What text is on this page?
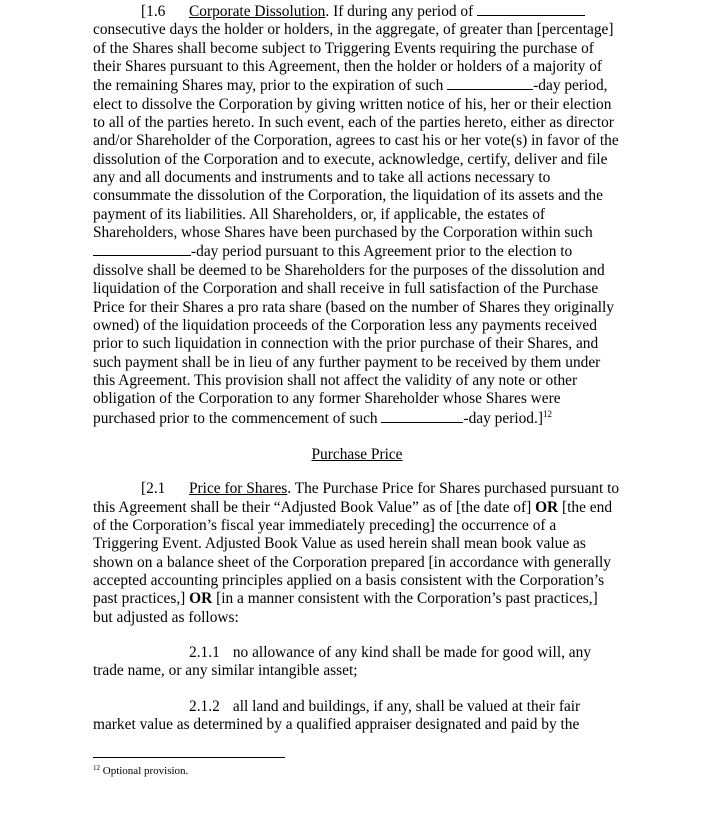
[1.6 Corporate Dissolution. If during any period of  consecutive days the holder or holders, in the aggregate, of greater than [percentage] of the Shares shall become subject to Triggering Events requiring the purchase of their Shares pursuant to this Agreement, then the holder or holders of a majority of the remaining Shares may, prior to the expiration of such	-day period, elect to dissolve the Corporation by giving written notice of his, her or their election to all of the parties hereto. In such event, each of the parties hereto, either as director and/or Shareholder of the Corporation, agrees to cast his or her vote(s) in favor of the dissolution of the Corporation and to execute, acknowledge, certify, deliver and file any and all documents and instruments and to take all actions necessary to consummate the dissolution of the Corporation, the liquidation of its assets and the payment of its liabilities. All Shareholders, or, if applicable, the estates of Shareholders, whose Shares have been purchased by the Corporation within such -day period pursuant to this Agreement prior to the election to dissolve shall be deemed to be Shareholders for the purposes of the dissolution and liquidation of the Corporation and shall receive in full satisfaction of the Purchase Price for their Shares a pro rata share (based on the number of Shares they originally owned) of the liquidation proceeds of the Corporation less any payments received prior to such liquidation in connection with the prior purchase of their Shares, and such payment shall be in lieu of any further payment to be received by them under this Agreement. This provision shall not affect the validity of any note or other obligation of the Corporation to any former Shareholder whose Shares were purchased prior to the commencement of such	-day period.]$^{12}$

Purchase Price

[2.1 Price for Shares. The Purchase Price for Shares purchased pursuant to this Agreement shall be their “Adjusted Book Value” as of [the date of] OR [the end of the Corporation’s fiscal year immediately preceding] the occurrence of a Triggering Event. Adjusted Book Value as used herein shall mean book value as shown on a balance sheet of the Corporation prepared [in accordance with generally accepted accounting principles applied on a basis consistent with the Corporation’s past practices,] OR [in a manner consistent with the Corporation’s past practices,] but adjusted as follows:

2.1.1 no allowance of any kind shall be made for good will, any trade name, or any similar intangible asset;

2.1.2 all land and buildings, if any, shall be valued at their fair market value as determined by a qualified appraiser designated and paid by the

$^{12}$ Optional provision.
